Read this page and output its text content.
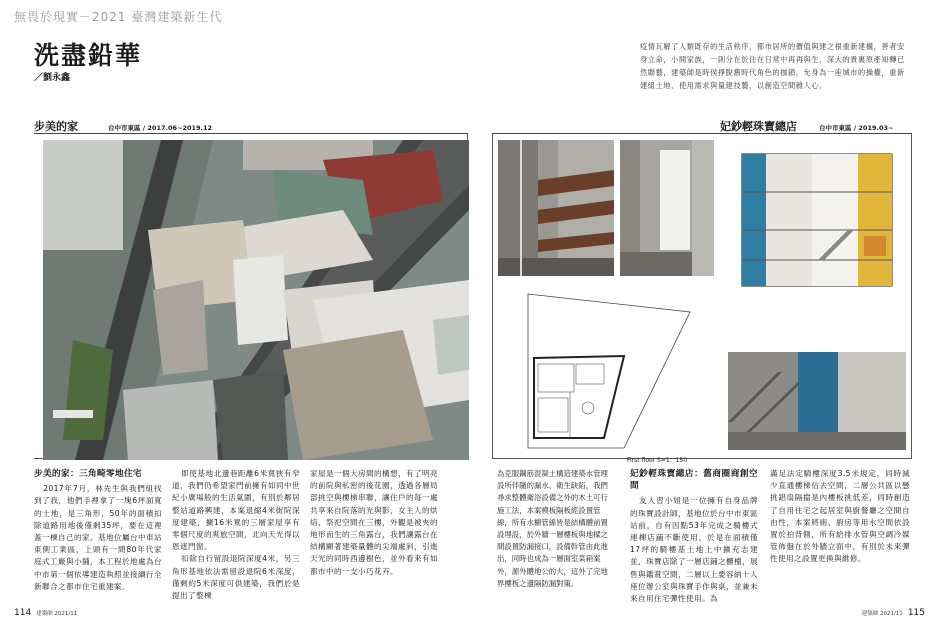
無畏於現實－2021 臺灣建築新生代
洗盡鉛華
／劉永鑫

疫情瓦解了人類既存的生活秩序，都市居所的價值與建之根重新建構，善者安身立命，小開家族，一則分在於住在日常中再再與生，深大的貴裏原產知轉已然聯藝，建築師是時侯掙脫舊時代角色的枷鎖，允身為一座城市的操權，重新建組土地、使用需求與量建技藝，以創造空間雜人心。

步美的家	台中市東區 / 2017.06~2019.12	妃鈔輕珠寶總店	台中市東區 / 2019.03~
First floor S=1：150

為克服鋼筋混凝土構造建築水管理設所伴隨的漏水、衛生缺陷，我們尋求整體衛浴設備之外的木土可行施工法，本案模板隔板經設置管線，所有水櫥管線皆是結構體前置設埋設，於外牆一層樓板與地樑之間設置防漏接口，設備幹管由此進出，同時也成為一層面室菜箱案外，源外體地公的大，這外了完地界樓板之邊隔防漏對策。

步美的家：三角畸零地住宅

2017年7月，林先生與我們組找到了我，他們手裡拿了一塊6坪面寬的土地，是三角形，50年的面積扣除道路用地後僅剩35坪，要在這裡蓋一棟自己的家。基地位屬台中車站東側工業區，上頭有一間80年代家庭式工廠與小舖，本工程於地處為台中市第一個依導建造執照並接續行全新聯合之都市住宅重建案。

即使基地北邊巷距離6米寬狹有窄道，我們仍希望家門前擁有如同中世紀小廣場般的生活氣圍，有別於鄰居整站道路興建，本案退縮4米街院深度建築，擴16米寬的三層家屋享有零個尺度的爽旅空間，北向天光得以恩遮門窗。

扣除自行留設退院深度4米，另三角形基地依法需留設退院6米深度，僅剩約5米深度可供建築，我們於是提出了整棟

家屋是一個大房間的構想，有了明亮的前院與私密的後花園，透過各層局部挑空與樓梯串聯，讓住戶的每一處共享來自院落的光與影，女主人的烘焙、祭祀空間在三樓，外觀是被夾的地形而生的三角露台，我們讓露台在結構顯著建築量體的尖端處斜，引進天光的同時西邊樹色，並外看來有如都市中的一支小巧花卉。

妃鈔輕珠寶總店：舊商圈商創空間

友人習小姐是一位擁有自身品牌的珠寶設計師，基地位於台中市東區站前，自有因點53年完成之騎樓式連棟店鋪不斷使用，於是在面積僅17坪的騎樓基土地上中擴充志建並，珠寶店除了一層店鋪之櫃檯，展售與鑑賞空間，二層以上要容納十人座位辦公室與珠寶手作與桌，並兼未來自用住宅彈性使用。為

滿足法定騎樓深度3.5米規定，同時減少直通樓梯佔去空間，二層公共區以懸挑鋁扇隔擋是內樓板挑低差，同時創造了自用住宅之起居室與廚餐廳之空間自由性，本案將廁、廚房等用水空間依設置於拍背側，所有給排水管與空調冷媒管佈盤在於外牆立面中，有別於未來彈性使用之設置更換與維修。

114 建築師 2021/11	建築師 2021/11 115
